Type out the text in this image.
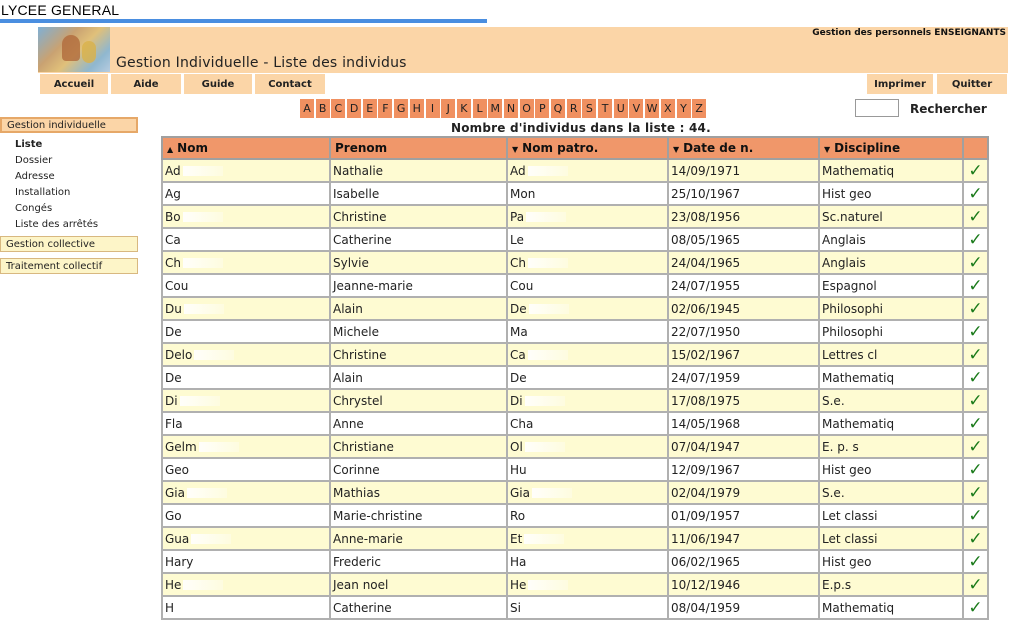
LYCEE GENERAL
Gestion des personnels ENSEIGNANTS
Gestion Individuelle - Liste des individus
Accueil	Aide	Guide	Contact	Imprimer	Quitter
A B C D E F G H I	J K L M N O P Q R S T U V W X Y Z	Rechercher
Nombre d'individus dans la liste : 44.
Gestion individuelle
Liste
Dossier
Adresse
Installation
Congés
Liste des arrêtés
Gestion collective
Traitement collectif
▲ Nom	Prenom	▼ Nom patro.	▼ Date de n.	▼ Discipline	
Ad	Nathalie	Ad	14/09/1971	Mathematiq	✓
Ag	Isabelle	Mon	25/10/1967	Hist geo	✓
Bo	Christine	Pa	23/08/1956	Sc.naturel	✓
Ca	Catherine	Le	08/05/1965	Anglais	✓
Ch	Sylvie	Ch	24/04/1965	Anglais	✓
Cou	Jeanne-marie	Cou	24/07/1955	Espagnol	✓
Du	Alain	De	02/06/1945	Philosophi	✓
De	Michele	Ma	22/07/1950	Philosophi	✓
Delo	Christine	Ca	15/02/1967	Lettres cl	✓
De	Alain	De	24/07/1959	Mathematiq	✓
Di	Chrystel	Di	17/08/1975	S.e.	✓
Fla	Anne	Cha	14/05/1968	Mathematiq	✓
Gelm	Christiane	Ol	07/04/1947	E. p. s	✓
Geo	Corinne	Hu	12/09/1967	Hist geo	✓
Gia	Mathias	Gia	02/04/1979	S.e.	✓
Go	Marie-christine	Ro	01/09/1957	Let classi	✓
Gua	Anne-marie	Et	11/06/1947	Let classi	✓
Hary	Frederic	Ha	06/02/1965	Hist geo	✓
He	Jean noel	He	10/12/1946	E.p.s	✓
H	Catherine	Si	08/04/1959	Mathematiq	✓
